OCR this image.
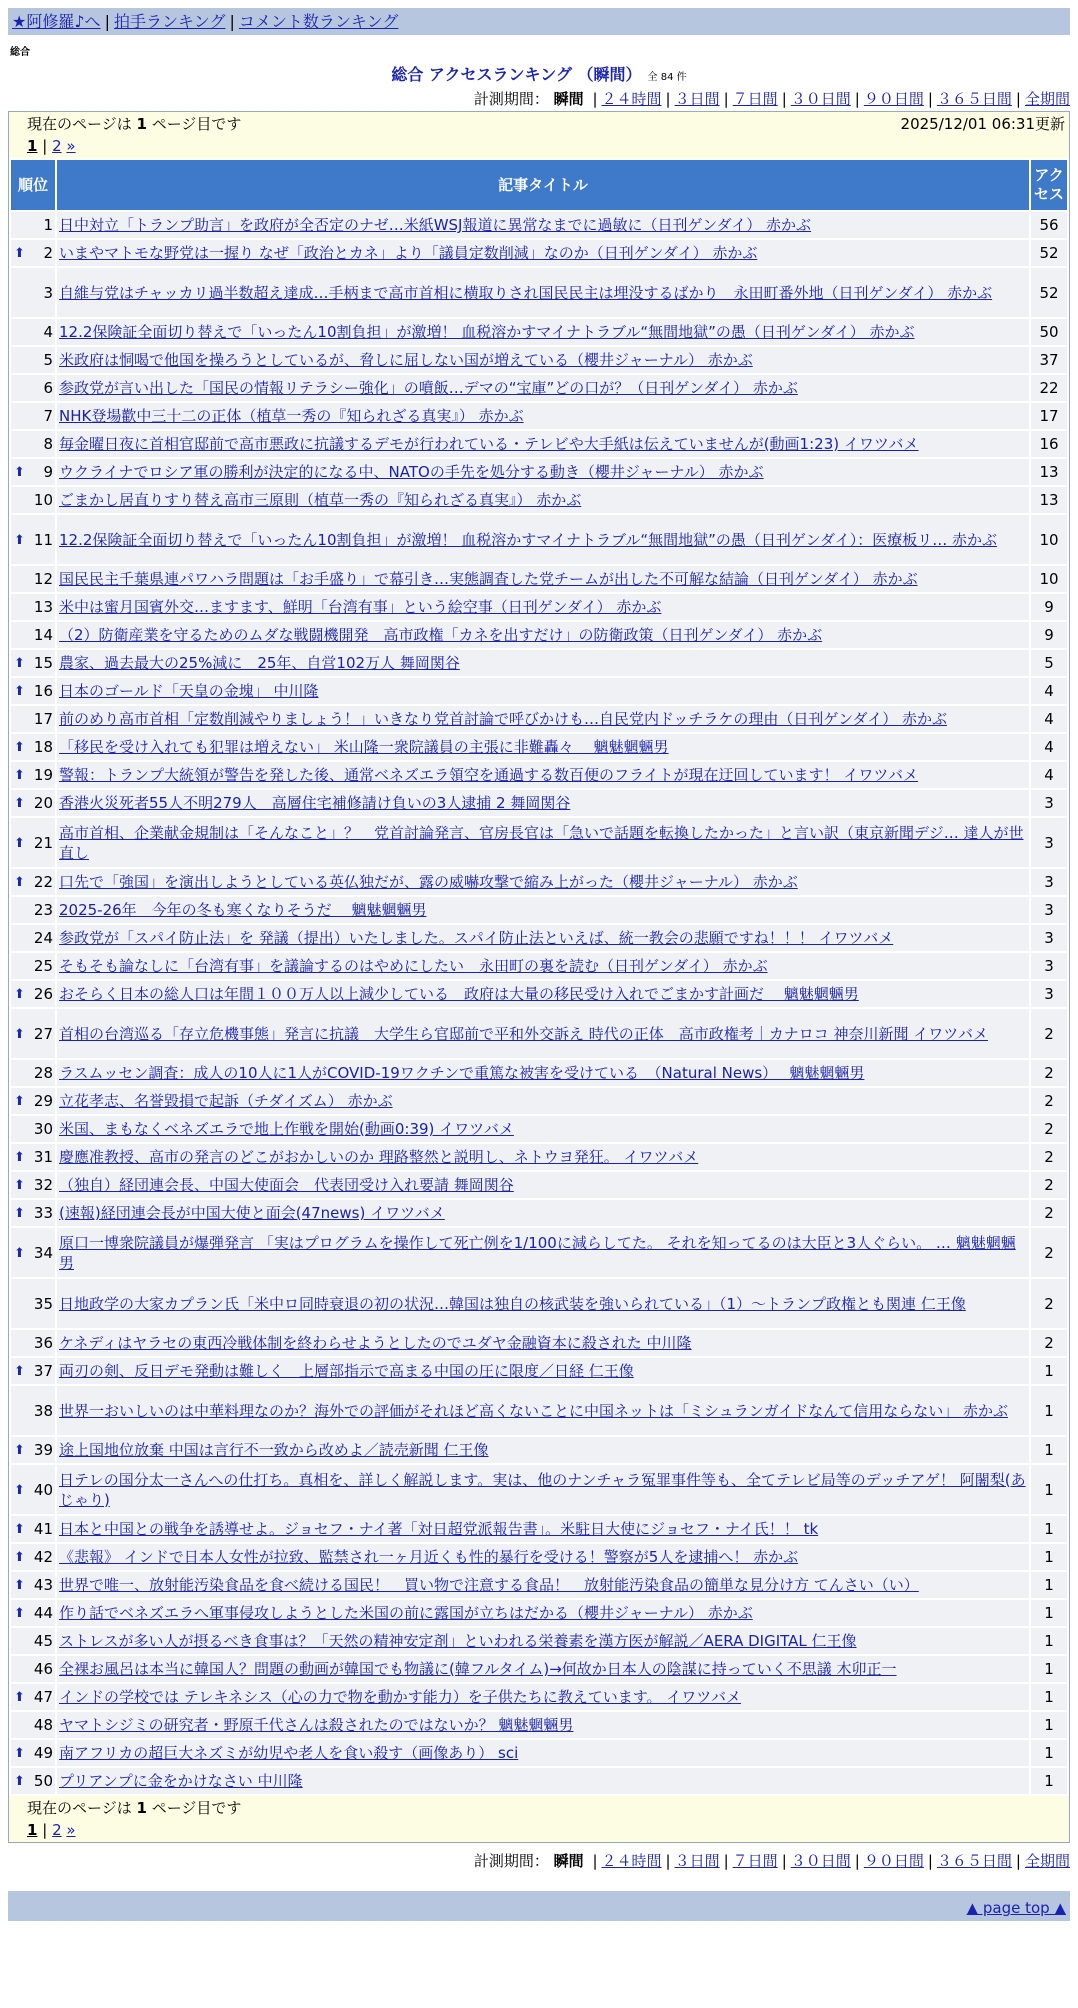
★阿修羅♪へ | 拍手ランキング | コメント数ランキング
総合
総合 アクセスランキング （瞬間） 全 84 件
計測期間： 瞬間 | ２４時間 | ３日間 | ７日間 | ３０日間 | ９０日間 | ３６５日間 | 全期間
現在のページは 1 ページ目です	2025/12/01 06:31更新
1 | 2 »
順位	記事タイトル	アクセス
1	日中対立「トランプ助言」を政府が全否定のナゼ…米紙WSJ報道に異常なまでに過敏に（日刊ゲンダイ） 赤かぶ	56

⬆ 2	いまやマトモな野党は一握り なぜ「政治とカネ」より「議員定数削減」なのか（日刊ゲンダイ） 赤かぶ	52
3	自維与党はチャッカリ過半数超え達成…手柄まで高市首相に横取りされ国民民主は埋没するばかり　永田町番外地（日刊ゲンダイ） 赤かぶ	52
4	12.2保険証全面切り替えで「いったん10割負担」が激増！ 血税溶かすマイナトラブル“無間地獄”の愚（日刊ゲンダイ） 赤かぶ	50
5	米政府は恫喝で他国を操ろうとしているが、脅しに屈しない国が増えている（櫻井ジャーナル） 赤かぶ	37
6	参政党が言い出した「国民の情報リテラシー強化」の噴飯…デマの“宝庫”どの口が？（日刊ゲンダイ） 赤かぶ	22
7	NHK登場歡中三十二の正体（植草一秀の『知られざる真実』） 赤かぶ	17
8	毎金曜日夜に首相官邸前で高市悪政に抗議するデモが行われている・テレビや大手紙は伝えていませんが(動画1:23) イワツバメ	16

⬆ 9	ウクライナでロシア軍の勝利が決定的になる中、NATOの手先を処分する動き（櫻井ジャーナル） 赤かぶ	13
10	ごまかし居直りすり替え高市三原則（植草一秀の『知られざる真実』） 赤かぶ	13

⬆ 11	12.2保険証全面切り替えで「いったん10割負担」が激増！ 血税溶かすマイナトラブル“無間地獄”の愚（日刊ゲンダイ）：医療板リ… 赤かぶ	10
12	国民民主千葉県連パワハラ問題は「お手盛り」で幕引き…実態調査した党チームが出した不可解な結論（日刊ゲンダイ） 赤かぶ	10
13	米中は蜜月国賓外交…ますます、鮮明「台湾有事」という絵空事（日刊ゲンダイ） 赤かぶ	9
14	（2）防衛産業を守るためのムダな戦闘機開発　高市政権「カネを出すだけ」の防衛政策（日刊ゲンダイ） 赤かぶ	9

⬆ 15	農家、過去最大の25%減に　25年、自営102万人 舞岡関谷	5

⬆ 16	日本のゴールド「天皇の金塊」 中川隆	4
17	前のめり高市首相「定数削減やりましょう！」いきなり党首討論で呼びかけも…自民党内ドッチラケの理由（日刊ゲンダイ） 赤かぶ	4

⬆ 18	「移民を受け入れても犯罪は増えない」 米山隆一衆院議員の主張に非難轟々　 魑魅魍魎男	4

⬆ 19	警報：トランプ大統領が警告を発した後、通常ベネズエラ領空を通過する数百便のフライトが現在迂回しています！ イワツバメ	4

⬆ 20	香港火災死者55人不明279人　高層住宅補修請け負いの3人逮捕 2 舞岡関谷	3

⬆ 21	高市首相、企業献金規制は「そんなこと」？　党首討論発言、官房長官は「急いで話題を転換したかった」と言い訳（東京新聞デジ… 達人が世直し	3

⬆ 22	口先で「強国」を演出しようとしている英仏独だが、露の威嚇攻撃で縮み上がった（櫻井ジャーナル） 赤かぶ	3
23	2025-26年　今年の冬も寒くなりそうだ　 魑魅魍魎男	3
24	参政党が「スパイ防止法」を 発議（提出）いたしました。スパイ防止法といえば、統一教会の悲願ですね！！！ イワツバメ	3
25	そもそも論なしに「台湾有事」を議論するのはやめにしたい　永田町の裏を読む（日刊ゲンダイ） 赤かぶ	3

⬆ 26	おそらく日本の総人口は年間１００万人以上減少している　政府は大量の移民受け入れでごまかす計画だ　 魑魅魍魎男	3

⬆ 27	首相の台湾巡る「存立危機事態」発言に抗議　大学生ら官邸前で平和外交訴え 時代の正体　高市政権考｜カナロコ 神奈川新聞 イワツバメ	2
28	ラスムッセン調査：成人の10人に1人がCOVID-19ワクチンで重篤な被害を受けている　（Natural News）　 魑魅魍魎男	2

⬆ 29	立花孝志、名誉毀損で起訴（チダイズム） 赤かぶ	2
30	米国、まもなくベネズエラで地上作戦を開始(動画0:39) イワツバメ	2

⬆ 31	慶應准教授、高市の発言のどこがおかしいのか 理路整然と説明し、ネトウヨ発狂。 イワツバメ	2

⬆ 32	（独自）経団連会長、中国大使面会　代表団受け入れ要請 舞岡関谷	2

⬆ 33	(速報)経団連会長が中国大使と面会(47news) イワツバメ	2

⬆ 34	原口一博衆院議員が爆弾発言 「実はプログラムを操作して死亡例を1/100に減らしてた。 それを知ってるのは大臣と3人ぐらい。 … 魑魅魍魎男	2
35	日地政学の大家カプラン氏「米中ロ同時衰退の初の状況…韓国は独自の核武装を強いられている」（1）～トランプ政権とも関連 仁王像	2
36	ケネディはヤラセの東西冷戦体制を終わらせようとしたのでユダヤ金融資本に殺された 中川隆	2

⬆ 37	両刃の剣、反日デモ発動は難しく　上層部指示で高まる中国の圧に限度／日経 仁王像	1
38	世界一おいしいのは中華料理なのか？海外での評価がそれほど高くないことに中国ネットは「ミシュランガイドなんて信用ならない」 赤かぶ	1

⬆ 39	途上国地位放棄 中国は言行不一致から改めよ／読売新聞 仁王像	1

⬆ 40	日テレの国分太一さんへの仕打ち。真相を、詳しく解説します。実は、他のナンチャラ冤罪事件等も、全てテレビ局等のデッチアゲ！ 阿闍梨(あじゃり)	1

⬆ 41	日本と中国との戦争を誘導せよ。ジョセフ・ナイ著「対日超党派報告書」。米駐日大使にジョセフ・ナイ氏！！ tk	1

⬆ 42	《悲報》 インドで日本人女性が拉致、監禁され一ヶ月近くも性的暴行を受ける！警察が5人を逮捕へ！ 赤かぶ	1

⬆ 43	世界で唯一、放射能汚染食品を食べ続ける国民！　買い物で注意する食品！　放射能汚染食品の簡単な見分け方 てんさい（い）	1

⬆ 44	作り話でベネズエラへ軍事侵攻しようとした米国の前に露国が立ちはだかる（櫻井ジャーナル） 赤かぶ	1
45	ストレスが多い人が摂るべき食事は？「天然の精神安定剤」といわれる栄養素を漢方医が解説／AERA DIGITAL 仁王像	1
46	全裸お風呂は本当に韓国人？問題の動画が韓国でも物議に(韓フルタイム)→何故か日本人の陰謀に持っていく不思議 木卯正一	1

⬆ 47	インドの学校では テレキネシス（心の力で物を動かす能力）を子供たちに教えています。 イワツバメ	1
48	ヤマトシジミの研究者・野原千代さんは殺されたのではないか？ 魑魅魍魎男	1

⬆ 49	南アフリカの超巨大ネズミが幼児や老人を食い殺す（画像あり） sci	1

⬆ 50	プリアンプに金をかけなさい 中川隆	1
現在のページは 1 ページ目です
1 | 2 »
計測期間： 瞬間 | ２４時間 | ３日間 | ７日間 | ３０日間 | ９０日間 | ３６５日間 | 全期間
▲ page top ▲
